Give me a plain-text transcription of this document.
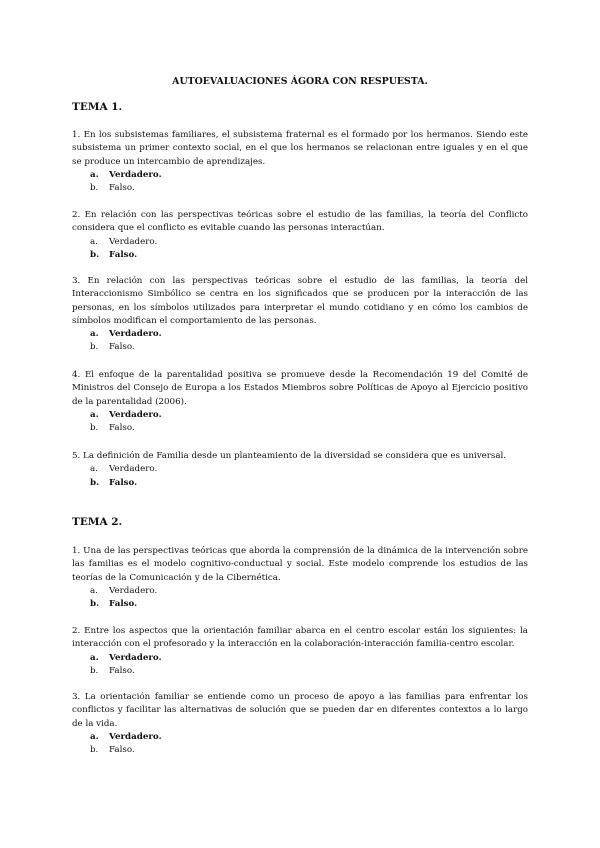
AUTOEVALUACIONES ÁGORA CON RESPUESTA.
TEMA 1.

1. En los subsistemas familiares, el subsistema fraternal es el formado por los hermanos. Siendo este subsistema un primer contexto social, en el que los hermanos se relacionan entre iguales y en el que se produce un intercambio de aprendizajes.

a.	Verdadero.
b.	Falso.

2. En relación con las perspectivas teóricas sobre el estudio de las familias, la teoría del Conflicto considera que el conflicto es evitable cuando las personas interactúan.

a.	Verdadero.
b.	Falso.

3. En relación con las perspectivas teóricas sobre el estudio de las familias, la teoría del Interaccionismo Simbólico se centra en los significados que se producen por la interacción de las personas, en los símbolos utilizados para interpretar el mundo cotidiano y en cómo los cambios de símbolos modifican el comportamiento de las personas.

a.	Verdadero.
b.	Falso.

4. El enfoque de la parentalidad positiva se promueve desde la Recomendación 19 del Comité de Ministros del Consejo de Europa a los Estados Miembros sobre Políticas de Apoyo al Ejercicio positivo de la parentalidad (2006).

a.	Verdadero.
b.	Falso.

5. La definición de Familia desde un planteamiento de la diversidad se considera que es universal.

a.	Verdadero.
b.	Falso.
TEMA 2.

1. Una de las perspectivas teóricas que aborda la comprensión de la dinámica de la intervención sobre las familias es el modelo cognitivo-conductual y social. Este modelo comprende los estudios de las teorías de la Comunicación y de la Cibernética.

a.	Verdadero.
b.	Falso.

2. Entre los aspectos que la orientación familiar abarca en el centro escolar están los siguientes: la interacción con el profesorado y la interacción en la colaboración-interacción familia-centro escolar.

a.	Verdadero.
b.	Falso.

3. La orientación familiar se entiende como un proceso de apoyo a las familias para enfrentar los conflictos y facilitar las alternativas de solución que se pueden dar en diferentes contextos a lo largo de la vida.

a.	Verdadero.
b.	Falso.
